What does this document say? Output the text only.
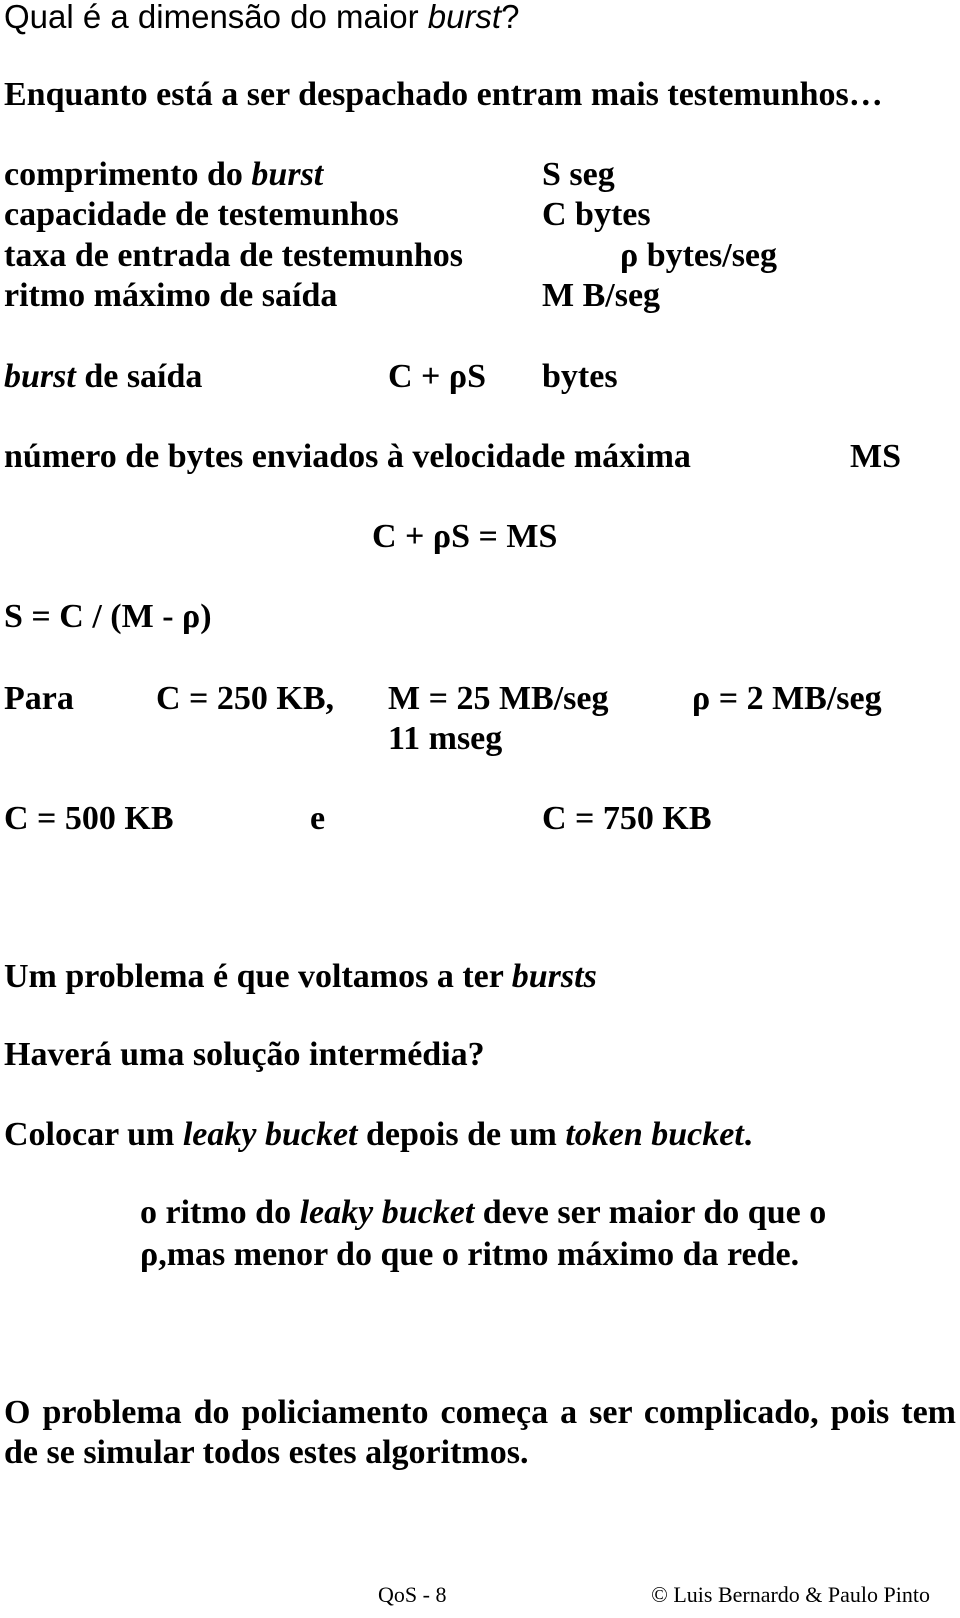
Qual é a dimensão do maior burst?
Enquanto está a ser despachado entram mais testemunhos…
comprimento do burst	S seg
capacidade de testemunhos	C bytes
taxa de entrada de testemunhos	ρ bytes/seg
ritmo máximo de saída	M B/seg
burst de saída	C + ρS bytes
número de bytes enviados à velocidade máxima	MS
C + ρS = MS
S = C / (M - ρ)
Para C = 250 KB, M = 25 MB/seg ρ = 2 MB/seg
11 mseg
C = 500 KB	e	C = 750 KB
Um problema é que voltamos a ter bursts
Haverá uma solução intermédia?
Colocar um leaky bucket depois de um token bucket.
o ritmo do leaky bucket deve ser maior do que o
ρ,mas menor do que o ritmo máximo da rede.
O problema do policiamento começa a ser complicado, pois tem de se simular todos estes algoritmos.
QoS - 8	© Luis Bernardo & Paulo Pinto
